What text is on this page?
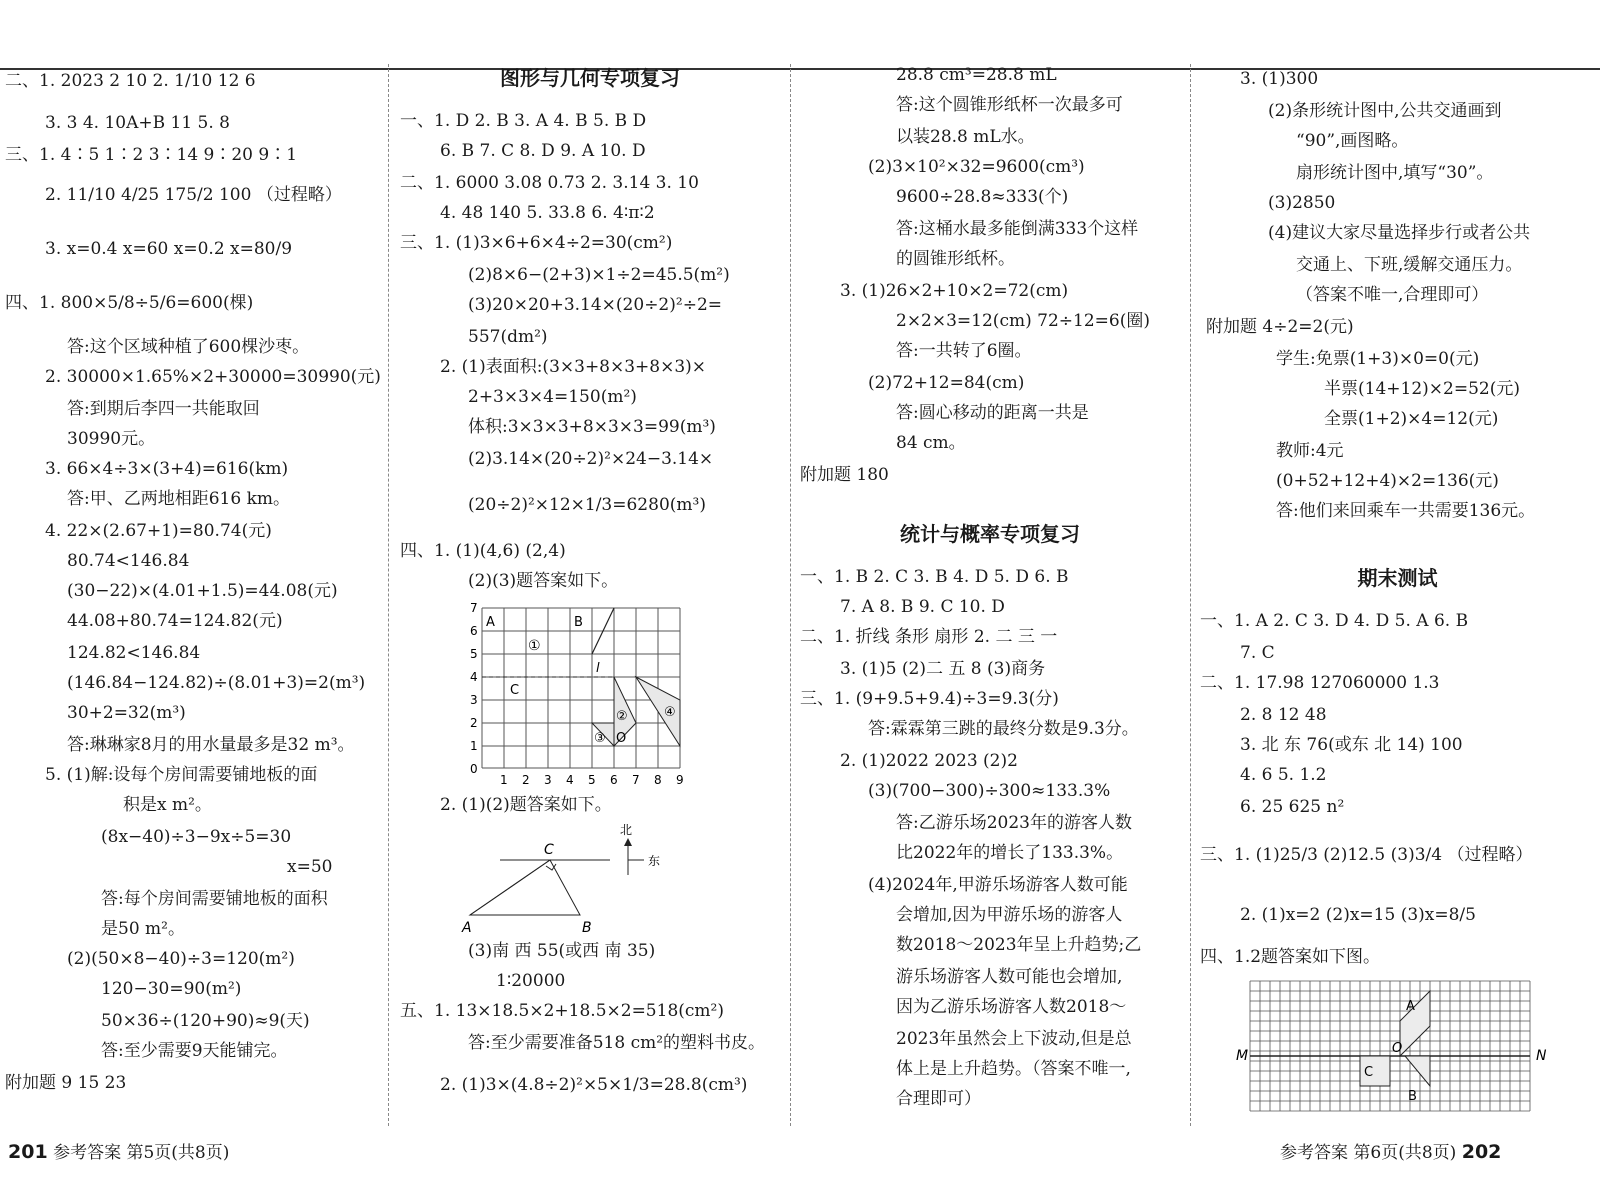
二、1. 2023 2 10 2. 1/10 12 6
3. 3 4. 10A+B 11 5. 8
三、1. 4∶5 1∶2 3∶14 9∶20 9∶1
2. 11/10 4/25 175/2 100 （过程略）
3. x=0.4 x=60 x=0.2 x=80/9
四、1. 800×5/8÷5/6=600(棵)
答:这个区域种植了600棵沙枣。
2. 30000×1.65%×2+30000=30990(元)
答:到期后李四一共能取回
30990元。
3. 66×4÷3×(3+4)=616(km)
答:甲、乙两地相距616 km。
4. 22×(2.67+1)=80.74(元)
80.74<146.84
(30−22)×(4.01+1.5)=44.08(元)
44.08+80.74=124.82(元)
124.82<146.84
(146.84−124.82)÷(8.01+3)=2(m³)
30+2=32(m³)
答:琳琳家8月的用水量最多是32 m³。
5. (1)解:设每个房间需要铺地板的面
积是x m²。
(8x−40)÷3−9x÷5=30
x=50
答:每个房间需要铺地板的面积
是50 m²。
(2)(50×8−40)÷3=120(m²)
120−30=90(m²)
50×36÷(120+90)≈9(天)
答:至少需要9天能铺完。
附加题 9 15 23
图形与几何专项复习
一、1. D 2. B 3. A 4. B 5. B D
6. B 7. C 8. D 9. A 10. D
二、1. 6000 3.08 0.73 2. 3.14 3. 10
4. 48 140 5. 33.8 6. 4∶π∶2
三、1. (1)3×6+6×4÷2=30(cm²)
(2)8×6−(2+3)×1÷2=45.5(m²)
(3)20×20+3.14×(20÷2)²÷2=
557(dm²)
2. (1)表面积:(3×3+8×3+8×3)×
2+3×3×4=150(m²)
体积:3×3×3+8×3×3=99(m³)
(2)3.14×(20÷2)²×24−3.14×
(20÷2)²×12×1/3=6280(m³)
四、1. (1)(4,6) (2,4)
(2)(3)题答案如下。
A	B
C
①
②
③
④
O
l
0
1 2 3 4 5 6 7 8 9
1
2
3
4
5
6
7
2. (1)(2)题答案如下。
北
东
A	B
C
(3)南 西 55(或西 南 35)
1∶20000
五、1. 13×18.5×2+18.5×2=518(cm²)
答:至少需要准备518 cm²的塑料书皮。
2. (1)3×(4.8÷2)²×5×1/3=28.8(cm³)
28.8 cm³=28.8 mL
答:这个圆锥形纸杯一次最多可
以装28.8 mL水。
(2)3×10²×32=9600(cm³)
9600÷28.8≈333(个)
答:这桶水最多能倒满333个这样
的圆锥形纸杯。
3. (1)26×2+10×2=72(cm)
2×2×3=12(cm) 72÷12=6(圈)
答:一共转了6圈。
(2)72+12=84(cm)
答:圆心移动的距离一共是
84 cm。
附加题 180
统计与概率专项复习
一、1. B 2. C 3. B 4. D 5. D 6. B
7. A 8. B 9. C 10. D
二、1. 折线 条形 扇形 2. 二 三 一
3. (1)5 (2)二 五 8 (3)商务
三、1. (9+9.5+9.4)÷3=9.3(分)
答:霖霖第三跳的最终分数是9.3分。
2. (1)2022 2023 (2)2
(3)(700−300)÷300≈133.3%
答:乙游乐场2023年的游客人数
比2022年的增长了133.3%。
(4)2024年,甲游乐场游客人数可能
会增加,因为甲游乐场的游客人
数2018～2023年呈上升趋势;乙
游乐场游客人数可能也会增加,
因为乙游乐场游客人数2018～
2023年虽然会上下波动,但是总
体上是上升趋势。（答案不唯一,
合理即可）
3. (1)300
(2)条形统计图中,公共交通画到
“90”,画图略。
扇形统计图中,填写“30”。
(3)2850
(4)建议大家尽量选择步行或者公共
交通上、下班,缓解交通压力。
（答案不唯一,合理即可）
附加题 4÷2=2(元)
学生:免票(1+3)×0=0(元)
半票(14+12)×2=52(元)
全票(1+2)×4=12(元)
教师:4元
(0+52+12+4)×2=136(元)
答:他们来回乘车一共需要136元。
期末测试
一、1. A 2. C 3. D 4. D 5. A 6. B
7. C
二、1. 17.98 127060000 1.3
2. 8 12 48
3. 北 东 76(或东 北 14) 100
4. 6 5. 1.2
6. 25 625 n²
三、1. (1)25/3 (2)12.5 (3)3/4 （过程略）
2. (1)x=2 (2)x=15 (3)x=8/5
四、1.2题答案如下图。
M	N
A
B
C
O
201 参考答案 第5页(共8页)	参考答案 第6页(共8页) 202
